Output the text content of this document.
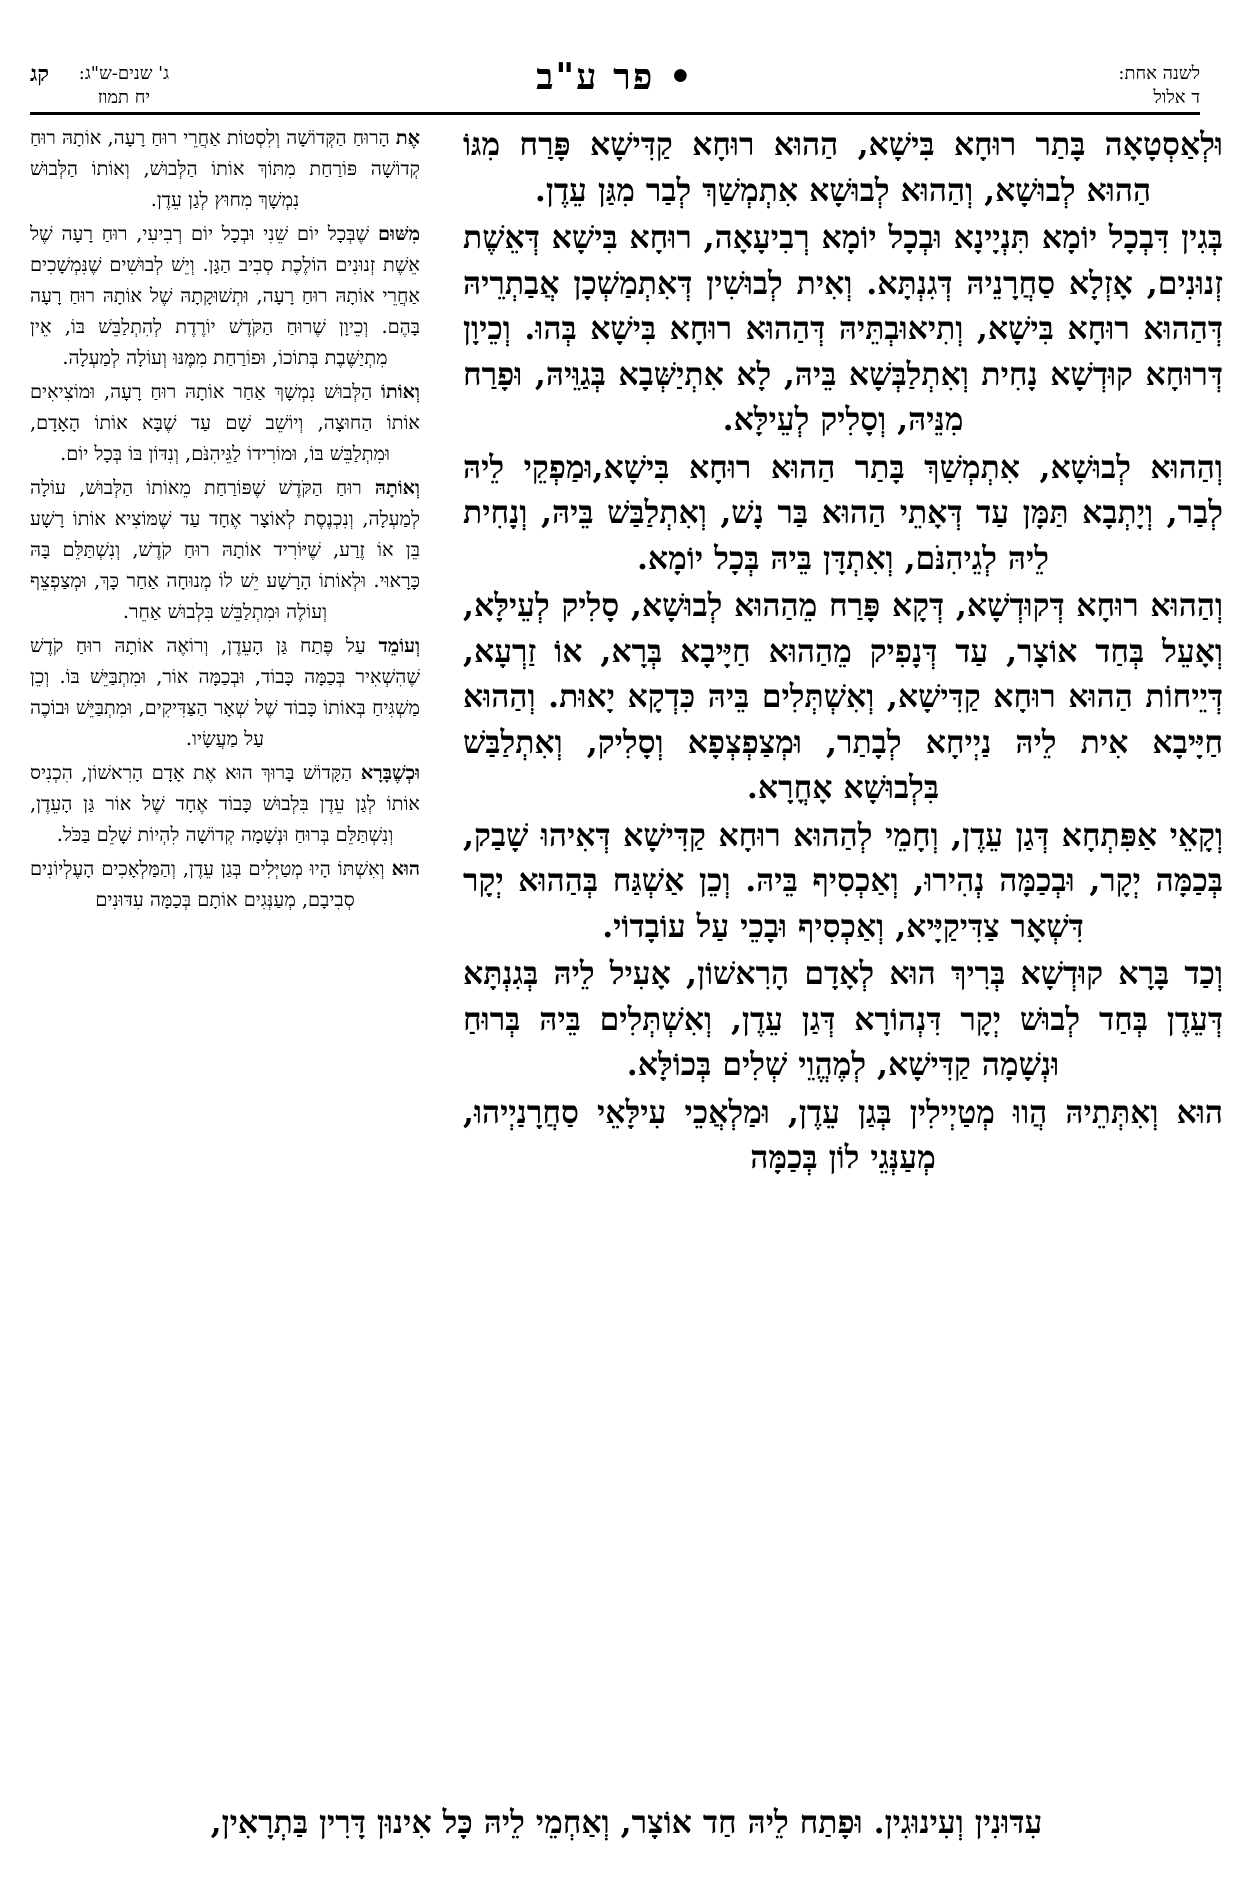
לשנה אחת:
ד אלול
• פר ע"ב
ג' שנים-ש"ג:
יח תמוז
קג

וּלְאַסְטָאָה בָּתַר רוּחָא בִּישָׁא, הַהוּא רוּחָא קַדִּישָׁא פָּרַח מִגּוֹ הַהוּא לְבוּשָׁא, וְהַהוּא לְבוּשָׁא אִתְמְשַׁךְ לְבַר מִגַּן עֵדֶן.

בְּגִין דִּבְכָל יוֹמָא תִּנְיָינָא וּבְכָל יוֹמָא רְבִיעָאָה, רוּחָא בִּישָׁא דְּאֵשֶׁת זְנוּנִים, אָזְלָא סַחֲרָנֵיהּ דְּגִנְתָּא. וְאִית לְבוּשִׁין דְּאִתְמַשְׁכָן אֲבַתְרֵיהּ דְּהַהוּא רוּחָא בִּישָׁא, וְתִיאוּבְתֵּיהּ דְּהַהוּא רוּחָא בִּישָׁא בְּהוּ. וְכֵיוָן דְּרוּחָא קוּדְשָׁא נָחִית וְאִתְלַבְּשָׁא בֵּיהּ, לָא אִתְיַשְּׁבָא בְּגַוֵּיהּ, וּפָרַח מִנֵּיהּ, וְסָלִיק לְעֵילָּא.

וְהַהוּא לְבוּשָׁא, אִתְמְשַׁךְ בָּתַר הַהוּא רוּחָא בִּישָׁא,וּמַפְקֵי לֵיהּ לְבַר, וְיָתְבָא תַּמָּן עַד דְּאָתֵי הַהוּא בַּר נָשׁ, וְאִתְלַבַּשׁ בֵּיהּ, וְנָחִית לֵיהּ לְגֵיהִנֹּם, וְאִתְדָּן בֵּיהּ בְּכָל יוֹמָא.

וְהַהוּא רוּחָא דְּקוּדְשָׁא, דְּקָא פָּרַח מֵהַהוּא לְבוּשָׁא, סָלִיק לְעֵילָּא, וְאָעֵל בְּחַד אוֹצָר, עַד דְּנָפִיק מֵהַהוּא חַיָּיבָא בְּרָא, אוֹ זַרְעָא, דְּיֵיחוֹת הַהוּא רוּחָא קַדִּישָׁא, וְאִשְׁתְּלִים בֵּיהּ כִּדְקָא יָאוּת. וְהַהוּא חַיָּיבָא אִית לֵיהּ נַיְיחָא לְבָתַר, וּמְצַפְצְפָא וְסָלִיק, וְאִתְלַבַּשׁ בִּלְבוּשָׁא אָחֳרָא.

וְקָאֵי אַפִּתְחָא דְּגַן עֵדֶן, וְחָמֵי לְהַהוּא רוּחָא קַדִּישָׁא דְּאִיהוּ שָׁבַק, בְּכַמָּה יְקָר, וּבְכַמָּה נְהִירוּ, וְאַכְסִיף בֵּיהּ. וְכֵן אַשְׁגַּח בְּהַהוּא יְקָר דִּשְׁאָר צַדִּיקַיָּיא, וְאַכְסִיף וּבָכֵי עַל עוֹבָדוֹי.

וְכַד בָּרָא קוּדְשָׁא בְּרִיךְ הוּא לְאָדָם הָרִאשׁוֹן, אָעִיל לֵיהּ בְּגִנְתָּא דְּעֵדֶן בְּחַד לְבוּשׁ יְקָר דִּנְהוֹרָא דְּגַן עֵדֶן, וְאִשְׁתְּלִים בֵּיהּ בְּרוּחַ וּנְשָׁמָה קַדִּישָׁא, לְמֶהֱוֵי שְׁלִים בְּכוֹלָּא.

הוּא וְאִתְּתֵיהּ הֲווּ מְטַיְילִין בְּגַן עֵדֶן, וּמַלְאֲכֵי עִילָּאֵי סַחֲרָנַיְיהוּ, מְעַנְּגֵי לוֹן בְּכַמָּה

אֶת הָרוּחַ הַקְּדוֹשָׁה וְלִסְטוֹת אַחֲרֵי רוּחַ רָעָה, אוֹתָהּ רוּחַ קְדוֹשָׁה פּוֹרַחַת מִתּוֹךְ אוֹתוֹ הַלְּבוּשׁ, וְאוֹתוֹ הַלְּבוּשׁ נִמְשָׁךְ מִחוּץ לְגַן עֵדֶן.

מִשּׁוּם שֶׁבְּכָל יוֹם שֵׁנִי וּבְכָל יוֹם רְבִיעִי, רוּחַ רָעָה שֶׁל אֵשֶׁת זְנוּנִים הוֹלֶכֶת סְבִיב הַגָּן. וְיֵשׁ לְבוּשִׁים שֶׁנִּמְשָׁכִים אַחֲרֵי אוֹתָהּ רוּחַ רָעָה, וּתְשׁוּקָתָהּ שֶׁל אוֹתָהּ רוּחַ רָעָה בָּהֶם. וְכֵיוָן שֶׁרוּחַ הַקֹּדֶשׁ יוֹרֶדֶת לְהִתְלַבֵּשׁ בּוֹ, אֵין מִתְיַשֶּׁבֶת בְּתוֹכוֹ, וּפוֹרַחַת מִמֶּנּוּ וְעוֹלָה לְמַעְלָה.

וְאוֹתוֹ הַלְּבוּשׁ נִמְשָׁךְ אַחַר אוֹתָהּ רוּחַ רָעָה, וּמוֹצִיאִים אוֹתוֹ הַחוּצָה, וְיוֹשֵׁב שָׁם עַד שֶׁבָּא אוֹתוֹ הָאָדָם, וּמִתְלַבֵּשׁ בּוֹ, וּמוֹרִידוֹ לַגֵּיהִנֹּם, וְנִדּוֹן בּוֹ בְּכָל יוֹם.

וְאוֹתָהּ רוּחַ הַקֹּדֶשׁ שֶׁפּוֹרַחַת מֵאוֹתוֹ הַלְּבוּשׁ, עוֹלָה לְמַעְלָה, וְנִכְנֶסֶת לְאוֹצָר אֶחָד עַד שֶׁמּוֹצִיא אוֹתוֹ רָשָׁע בֵּן אוֹ זֶרַע, שֶׁיּוֹרִיד אוֹתָהּ רוּחַ קֹדֶשׁ, וְנִשְׁתַּלֵּם בָּהּ כָּרָאוּי. וּלְאוֹתוֹ הָרָשָׁע יֵשׁ לוֹ מְנוּחָה אַחַר כָּךְ, וּמְצַפְצֵף וְעוֹלֶה וּמִתְלַבֵּשׁ בִּלְבוּשׁ אַחֵר.

וְעוֹמֵד עַל פֶּתַח גַּן הָעֵדֶן, וְרוֹאֶה אוֹתָהּ רוּחַ קֹדֶשׁ שֶׁהִשְׁאִיר בְּכַמָּה כָּבוֹד, וּבְכַמָּה אוֹר, וּמִתְבַּיֵּשׁ בּוֹ. וְכֵן מַשְׁגִּיחַ בְּאוֹתוֹ כָּבוֹד שֶׁל שְׁאָר הַצַּדִּיקִים, וּמִתְבַּיֵּשׁ וּבוֹכֶה עַל מַעֲשָׂיו.

וּכְשֶׁבָּרָא הַקָּדוֹשׁ בָּרוּךְ הוּא אֶת אָדָם הָרִאשׁוֹן, הִכְנִיס אוֹתוֹ לְגַן עֵדֶן בִּלְבוּשׁ כָּבוֹד אֶחָד שֶׁל אוֹר גַּן הָעֵדֶן, וְנִשְׁתַּלֵּם בְּרוּחַ וּנְשָׁמָה קְדוֹשָׁה לִהְיוֹת שָׁלֵם בַּכֹּל.

הוּא וְאִשְׁתּוֹ הָיוּ מְטַיְּלִים בְּגַן עֵדֶן, וְהַמַּלְאָכִים הָעֶלְיוֹנִים סְבִיבָם, מְעַנְּגִים אוֹתָם בְּכַמָּה עִדּוּנִים

עִדּוּנִין וְעִינוּגִין. וּפָתַח לֵיהּ חַד אוֹצָר, וְאַחְמֵי לֵיהּ כָּל אִינוּן דָּרִין בַּתְרָאִין,
